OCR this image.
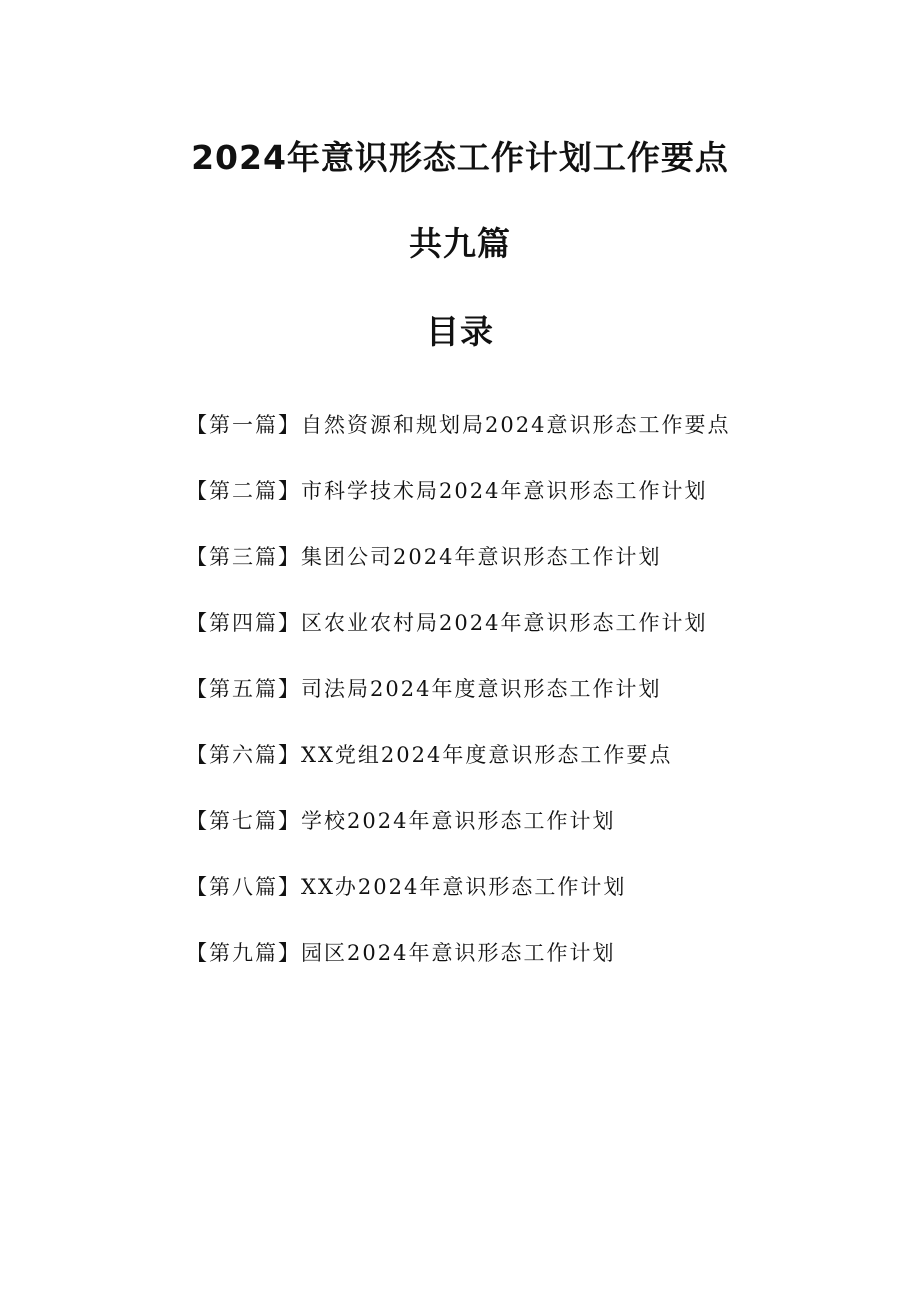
2024年意识形态工作计划工作要点
共九篇
目录
【第一篇】自然资源和规划局2024意识形态工作要点
【第二篇】市科学技术局2024年意识形态工作计划
【第三篇】集团公司2024年意识形态工作计划
【第四篇】区农业农村局2024年意识形态工作计划
【第五篇】司法局2024年度意识形态工作计划
【第六篇】XX党组2024年度意识形态工作要点
【第七篇】学校2024年意识形态工作计划
【第八篇】XX办2024年意识形态工作计划
【第九篇】园区2024年意识形态工作计划
